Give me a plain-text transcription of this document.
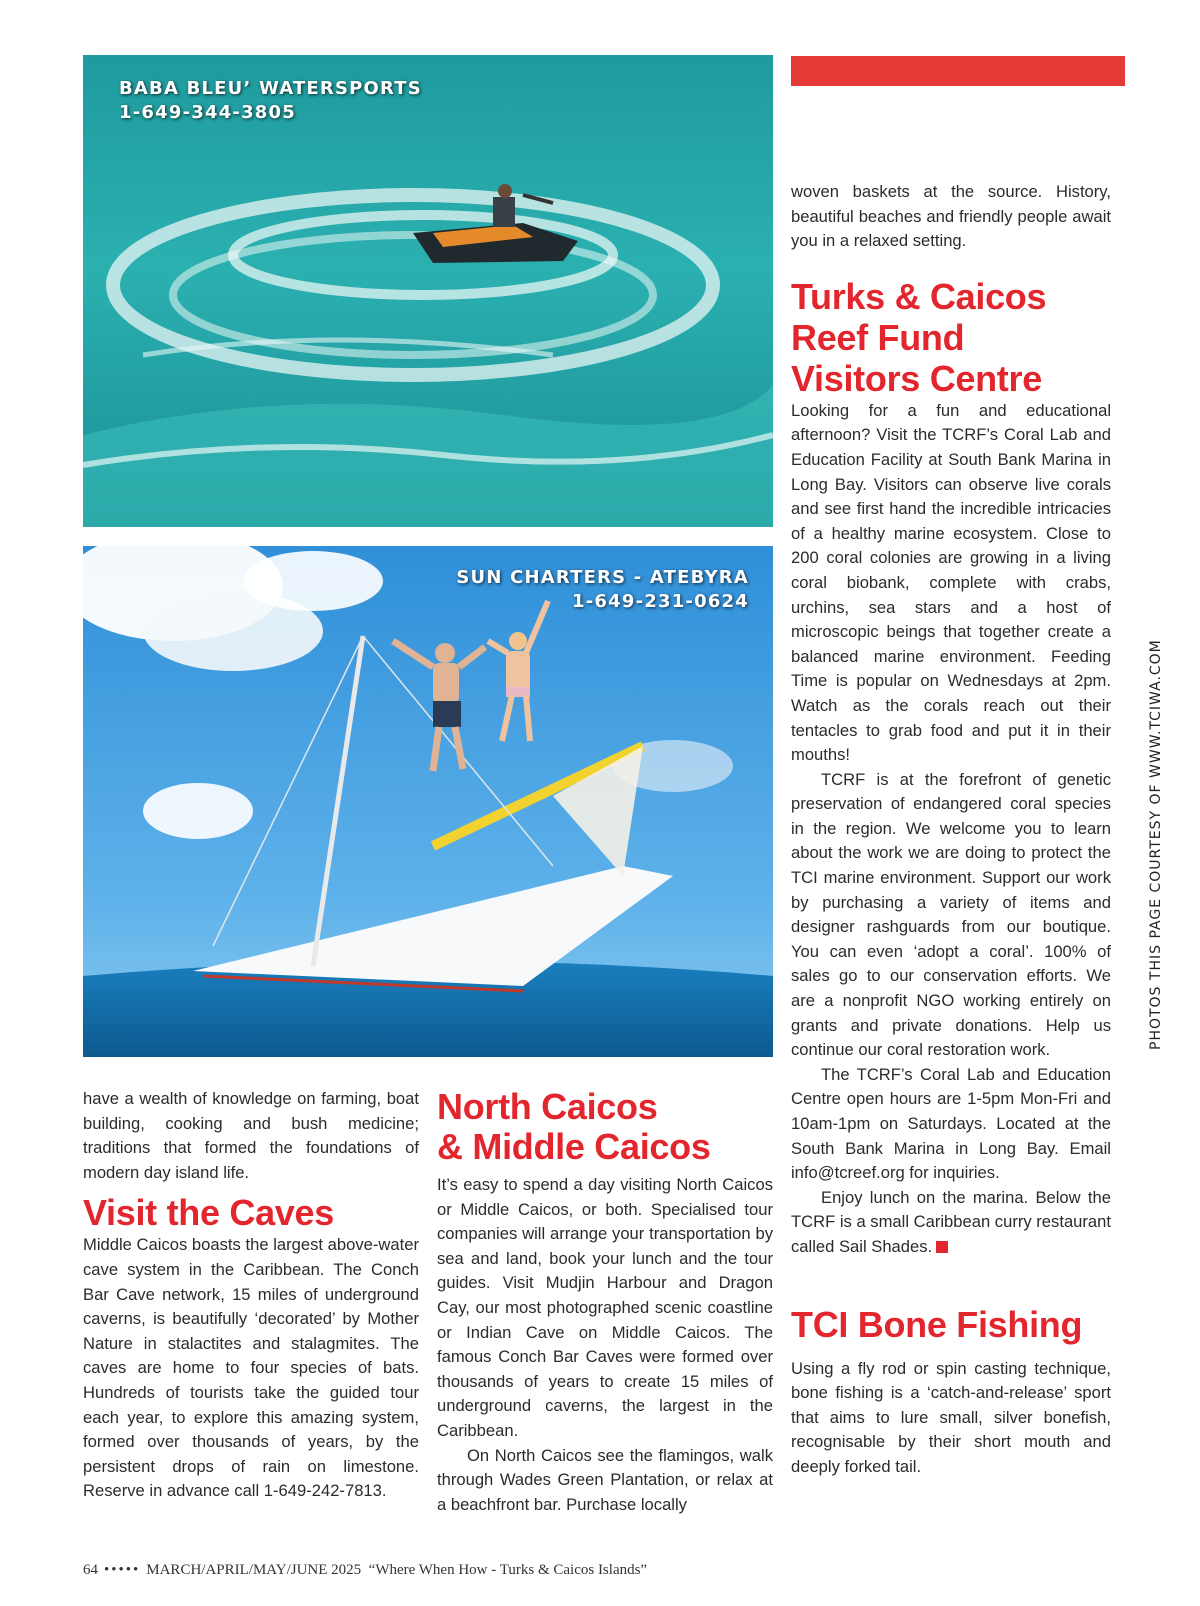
BABA BLEU’ WATERSPORTS
1-649-344-3805
SUN CHARTERS - ATEBYRA
1-649-231-0624

have a wealth of knowledge on farming, boat building, cooking and bush medicine; traditions that formed the foundations of modern day island life.

Visit the Caves

Middle Caicos boasts the largest above-water cave system in the Caribbean. The Conch Bar Cave network, 15 miles of underground caverns, is beautifully ‘decorated’ by Mother Nature in stalactites and stalagmites. The caves are home to four species of bats. Hundreds of tourists take the guided tour each year, to explore this amazing system, formed over thousands of years, by the persistent drops of rain on limestone. Reserve in advance call 1-649-242-7813.

North Caicos
& Middle Caicos

It’s easy to spend a day visiting North Caicos or Middle Caicos, or both. Specialised tour companies will arrange your transportation by sea and land, book your lunch and the tour guides. Visit Mudjin Harbour and Dragon Cay, our most photographed scenic coastline or Indian Cave on Middle Caicos. The famous Conch Bar Caves were formed over thousands of years to create 15 miles of underground caverns, the largest in the Caribbean.

On North Caicos see the flamingos, walk through Wades Green Plantation, or relax at a beachfront bar. Purchase locally

woven baskets at the source. History, beautiful beaches and friendly people await you in a relaxed setting.

Turks & Caicos
Reef Fund
Visitors Centre

Looking for a fun and educational afternoon? Visit the TCRF’s Coral Lab and Education Facility at South Bank Marina in Long Bay. Visitors can observe live corals and see first hand the incredible intricacies of a healthy marine ecosystem. Close to 200 coral colonies are growing in a living coral biobank, complete with crabs, urchins, sea stars and a host of microscopic beings that together create a balanced marine environment. Feeding Time is popular on Wednesdays at 2pm. Watch as the corals reach out their tentacles to grab food and put it in their mouths!

TCRF is at the forefront of genetic preservation of endangered coral species in the region. We welcome you to learn about the work we are doing to protect the TCI marine environment. Support our work by purchasing a variety of items and designer rashguards from our boutique. You can even ‘adopt a coral’. 100% of sales go to our conservation efforts. We are a nonprofit NGO working entirely on grants and private donations. Help us continue our coral restoration work.

The TCRF’s Coral Lab and Education Centre open hours are 1-5pm Mon-Fri and 10am-1pm on Saturdays. Located at the South Bank Marina in Long Bay. Email info@tcreef.org for inquiries.

Enjoy lunch on the marina. Below the TCRF is a small Caribbean curry restaurant called Sail Shades.

TCI Bone Fishing

Using a fly rod or spin casting technique, bone fishing is a ‘catch-and-release’ sport that aims to lure small, silver bonefish, recognisable by their short mouth and deeply forked tail.

PHOTOS THIS PAGE COURTESY OF WWW.TCIWA.COM
64 ••••• MARCH/APRIL/MAY/JUNE 2025 “Where When How - Turks & Caicos Islands”
